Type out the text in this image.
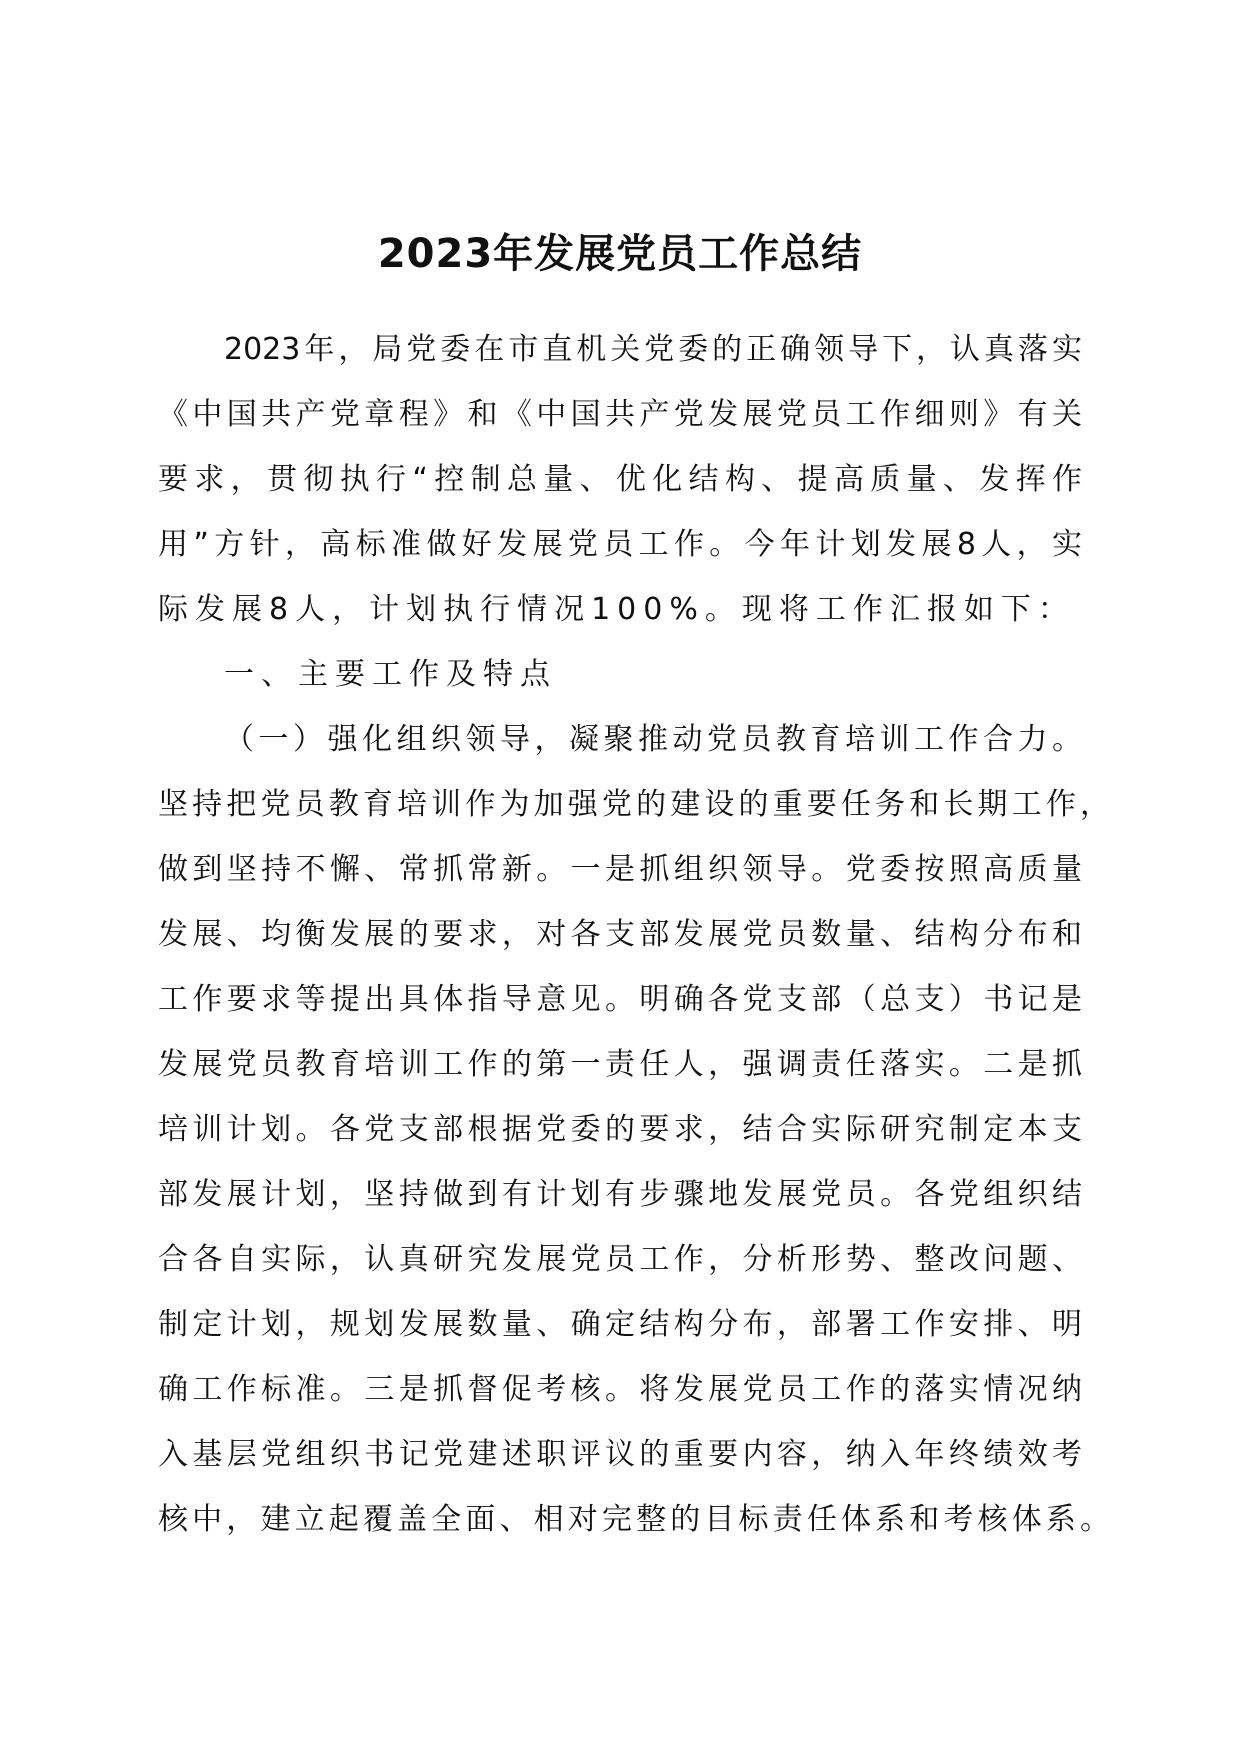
2023年发展党员工作总结
2023年，局党委在市直机关党委的正确领导下，认真落实
《中国共产党章程》和《中国共产党发展党员工作细则》有关
要求，贯彻执行“控制总量、优化结构、提高质量、发挥作
用”方针，高标准做好发展党员工作。今年计划发展8人，实
际发展8人，计划执行情况100%。现将工作汇报如下：
一、主要工作及特点
（一）强化组织领导，凝聚推动党员教育培训工作合力。
坚持把党员教育培训作为加强党的建设的重要任务和长期工作，
做到坚持不懈、常抓常新。一是抓组织领导。党委按照高质量
发展、均衡发展的要求，对各支部发展党员数量、结构分布和
工作要求等提出具体指导意见。明确各党支部（总支）书记是
发展党员教育培训工作的第一责任人，强调责任落实。二是抓
培训计划。各党支部根据党委的要求，结合实际研究制定本支
部发展计划，坚持做到有计划有步骤地发展党员。各党组织结
合各自实际，认真研究发展党员工作，分析形势、整改问题、
制定计划，规划发展数量、确定结构分布，部署工作安排、明
确工作标准。三是抓督促考核。将发展党员工作的落实情况纳
入基层党组织书记党建述职评议的重要内容，纳入年终绩效考
核中，建立起覆盖全面、相对完整的目标责任体系和考核体系。
